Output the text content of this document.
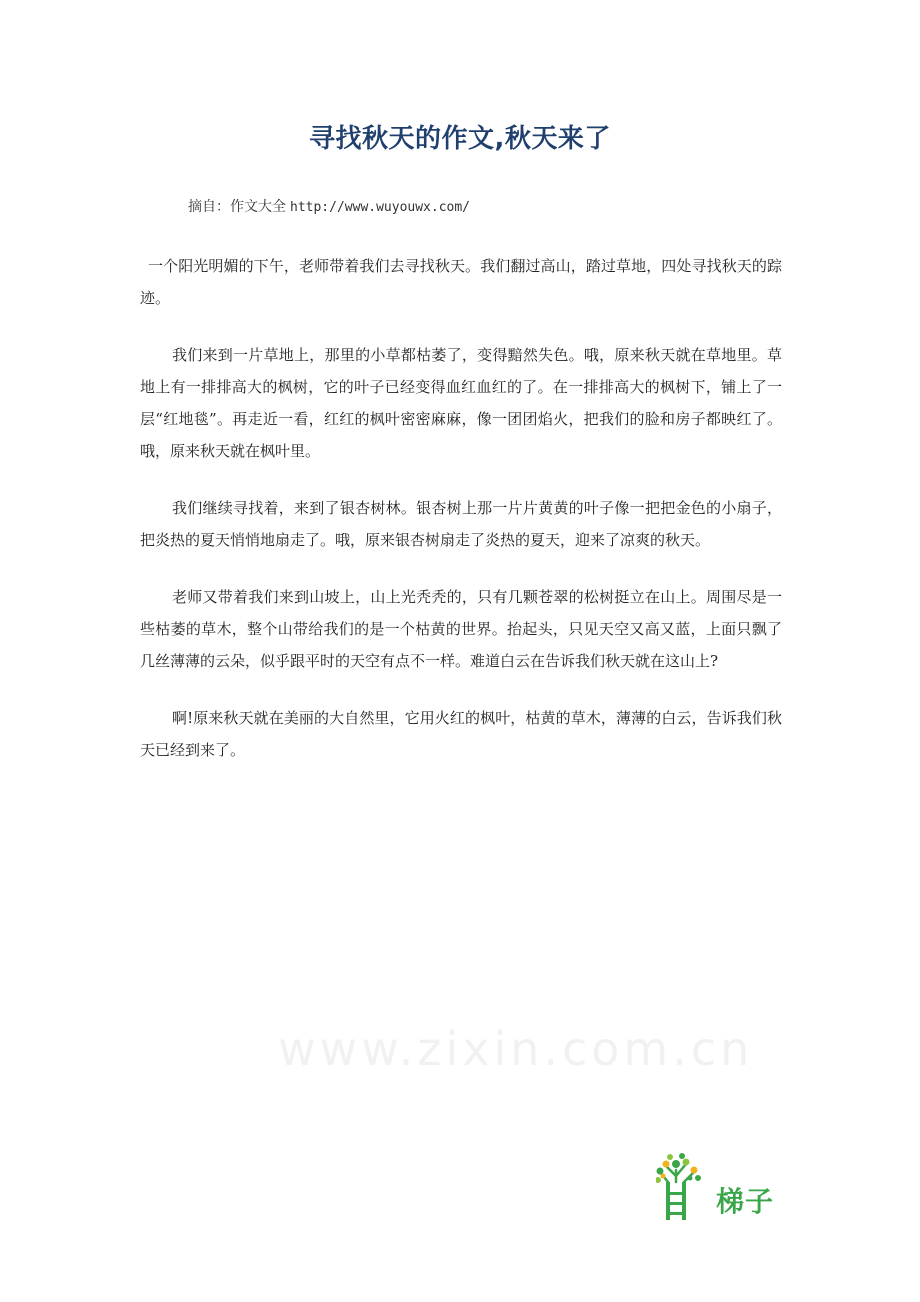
寻找秋天的作文,秋天来了
摘自：作文大全 http://www.wuyouwx.com/

一个阳光明媚的下午，老师带着我们去寻找秋天。我们翻过高山，踏过草地，四处寻找秋天的踪迹。

我们来到一片草地上，那里的小草都枯萎了，变得黯然失色。哦，原来秋天就在草地里。草地上有一排排高大的枫树，它的叶子已经变得血红血红的了。在一排排高大的枫树下，铺上了一层“红地毯”。再走近一看，红红的枫叶密密麻麻，像一团团焰火，把我们的脸和房子都映红了。哦，原来秋天就在枫叶里。

我们继续寻找着，来到了银杏树林。银杏树上那一片片黄黄的叶子像一把把金色的小扇子，把炎热的夏天悄悄地扇走了。哦，原来银杏树扇走了炎热的夏天，迎来了凉爽的秋天。

老师又带着我们来到山坡上，山上光秃秃的，只有几颗苍翠的松树挺立在山上。周围尽是一些枯萎的草木，整个山带给我们的是一个枯黄的世界。抬起头，只见天空又高又蓝，上面只飘了几丝薄薄的云朵，似乎跟平时的天空有点不一样。难道白云在告诉我们秋天就在这山上?

啊!原来秋天就在美丽的大自然里，它用火红的枫叶，枯黄的草木，薄薄的白云，告诉我们秋天已经到来了。

www.zixin.com.cn
梯子
